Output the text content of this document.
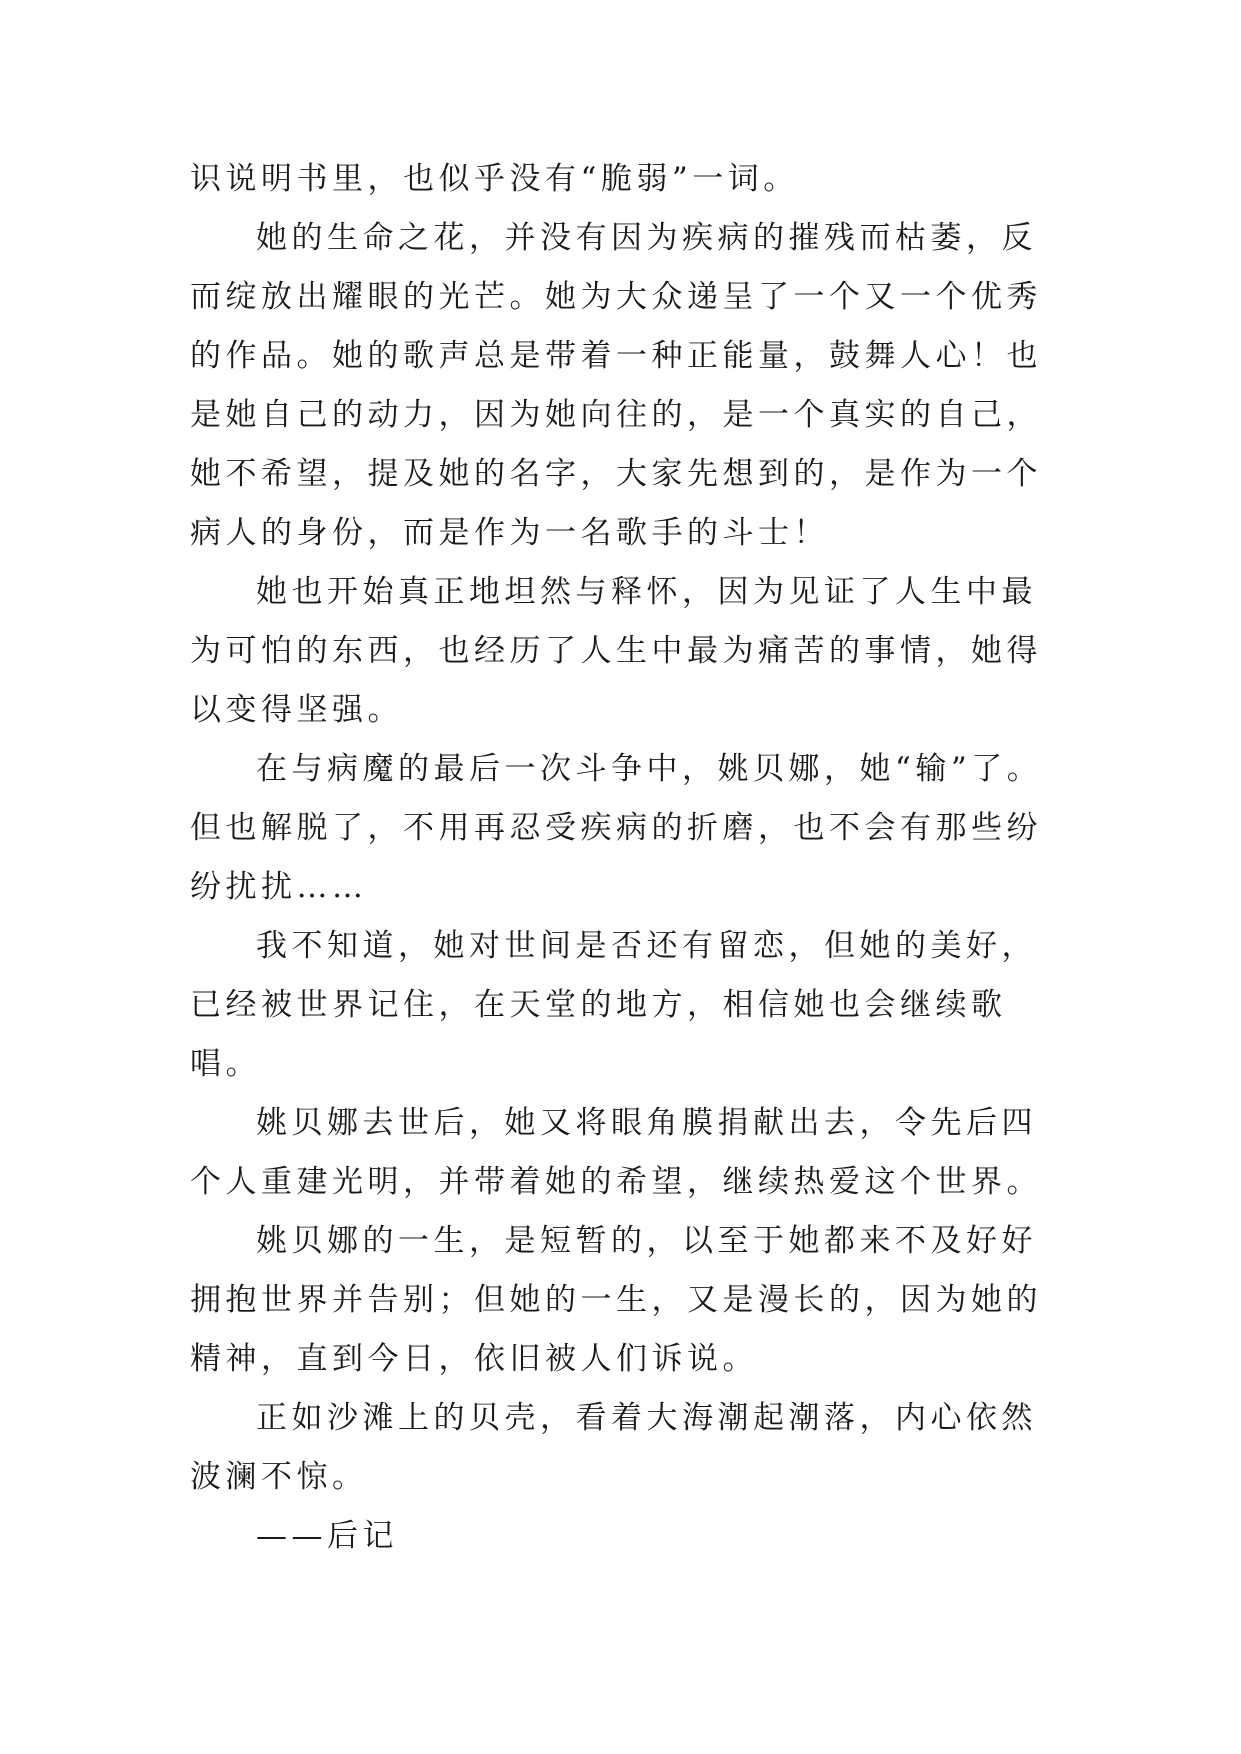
识说明书里，也似乎没有“脆弱”一词。

她的生命之花，并没有因为疾病的摧残而枯萎，反而绽放出耀眼的光芒。她为大众递呈了一个又一个优秀的作品。她的歌声总是带着一种正能量，鼓舞人心！也是她自己的动力，因为她向往的，是一个真实的自己，她不希望，提及她的名字，大家先想到的，是作为一个病人的身份，而是作为一名歌手的斗士！

她也开始真正地坦然与释怀，因为见证了人生中最为可怕的东西，也经历了人生中最为痛苦的事情，她得以变得坚强。

在与病魔的最后一次斗争中，姚贝娜，她“输”了。但也解脱了，不用再忍受疾病的折磨，也不会有那些纷纷扰扰……

我不知道，她对世间是否还有留恋，但她的美好，已经被世界记住，在天堂的地方，相信她也会继续歌唱。

姚贝娜去世后，她又将眼角膜捐献出去，令先后四个人重建光明，并带着她的希望，继续热爱这个世界。

姚贝娜的一生，是短暂的，以至于她都来不及好好拥抱世界并告别；但她的一生，又是漫长的，因为她的精神，直到今日，依旧被人们诉说。

正如沙滩上的贝壳，看着大海潮起潮落，内心依然波澜不惊。

——后记
